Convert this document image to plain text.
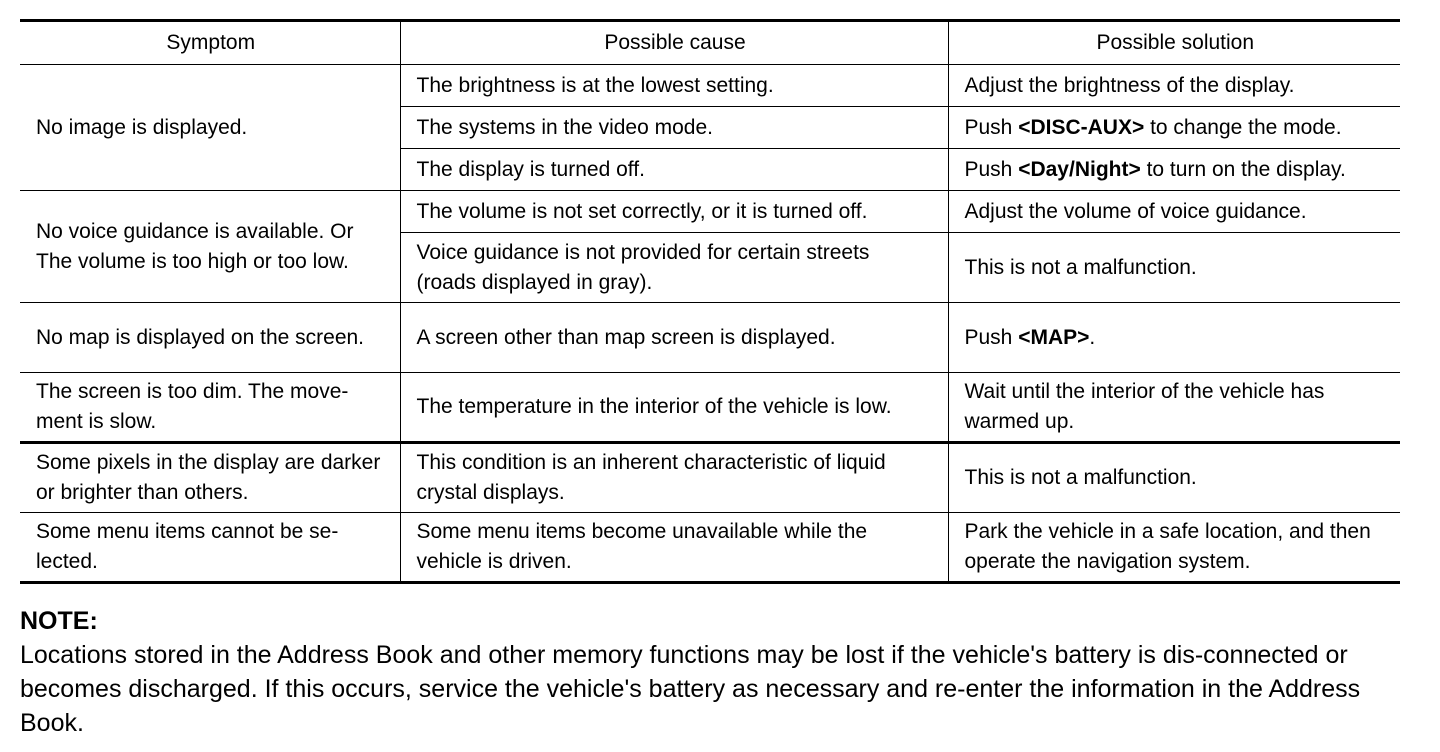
Symptom	Possible cause	Possible solution
No image is displayed.	The brightness is at the lowest setting.	Adjust the brightness of the display.
	The systems in the video mode.	Push <DISC-AUX> to change the mode.
	The display is turned off.	Push <Day/Night> to turn on the display.
No voice guidance is available. Or The volume is too high or too low.	The volume is not set correctly, or it is turned off.	Adjust the volume of voice guidance.
	Voice guidance is not provided for certain streets (roads displayed in gray).	This is not a malfunction.
No map is displayed on the screen.	A screen other than map screen is displayed.	Push <MAP>.
The screen is too dim. The move-ment is slow.	The temperature in the interior of the vehicle is low.	Wait until the interior of the vehicle has warmed up.
Some pixels in the display are darker or brighter than others.	This condition is an inherent characteristic of liquid crystal displays.	This is not a malfunction.
Some menu items cannot be se-lected.	Some menu items become unavailable while the vehicle is driven.	Park the vehicle in a safe location, and then operate the navigation system.
NOTE:
Locations stored in the Address Book and other memory functions may be lost if the vehicle's battery is dis-connected or becomes discharged. If this occurs, service the vehicle's battery as necessary and re-enter the information in the Address Book.
